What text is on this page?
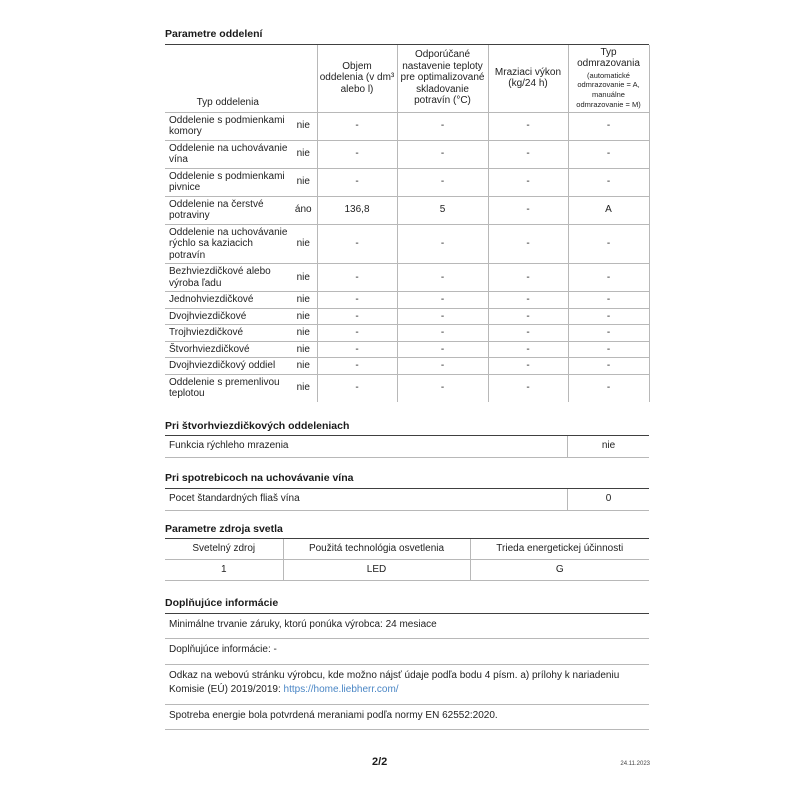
Parametre oddelení
Typ oddelenia		Objem oddelenia (v dm³ alebo l)	Odporúčané nastavenie teploty pre optimalizované skladovanie potravín (°C)	Mraziaci výkon (kg/24 h)	Typ odmrazovania
(automatické odmrazovanie = A, manuálne odmrazovanie = M)

Oddelenie s podmienkami komory	nie	-	-	-	-
Oddelenie na uchovávanie vína	nie	-	-	-	-
Oddelenie s podmienkami pivnice	nie	-	-	-	-
Oddelenie na čerstvé potraviny	áno	136,8	5	-	A
Oddelenie na uchovávanie rýchlo sa kaziacich potravín	nie	-	-	-	-
Bezhviezdičkové alebo výroba ľadu	nie	-	-	-	-
Jednohviezdičkové	nie	-	-	-	-
Dvojhviezdičkové	nie	-	-	-	-
Trojhviezdičkové	nie	-	-	-	-
Štvorhviezdičkové	nie	-	-	-	-
Dvojhviezdičkový oddiel	nie	-	-	-	-
Oddelenie s premenlivou teplotou	nie	-	-	-	-
Pri štvorhviezdičkových oddeleniach
Funkcia rýchleho mrazenia	nie
Pri spotrebicoch na uchovávanie vína
Pocet štandardných fliaš vína	0
Parametre zdroja svetla
Svetelný zdroj	Použitá technológia osvetlenia	Trieda energetickej účinnosti
1	LED	G
Doplňujúce informácie
Minimálne trvanie záruky, ktorú ponúka výrobca: 24 mesiace
Doplňujúce informácie: -
Odkaz na webovú stránku výrobcu, kde možno nájsť údaje podľa bodu 4 písm. a) prílohy k nariadeniu Komisie (EÚ) 2019/2019: https://home.liebherr.com/
Spotreba energie bola potvrdená meraniami podľa normy EN 62552:2020.
2/2	24.11.2023
